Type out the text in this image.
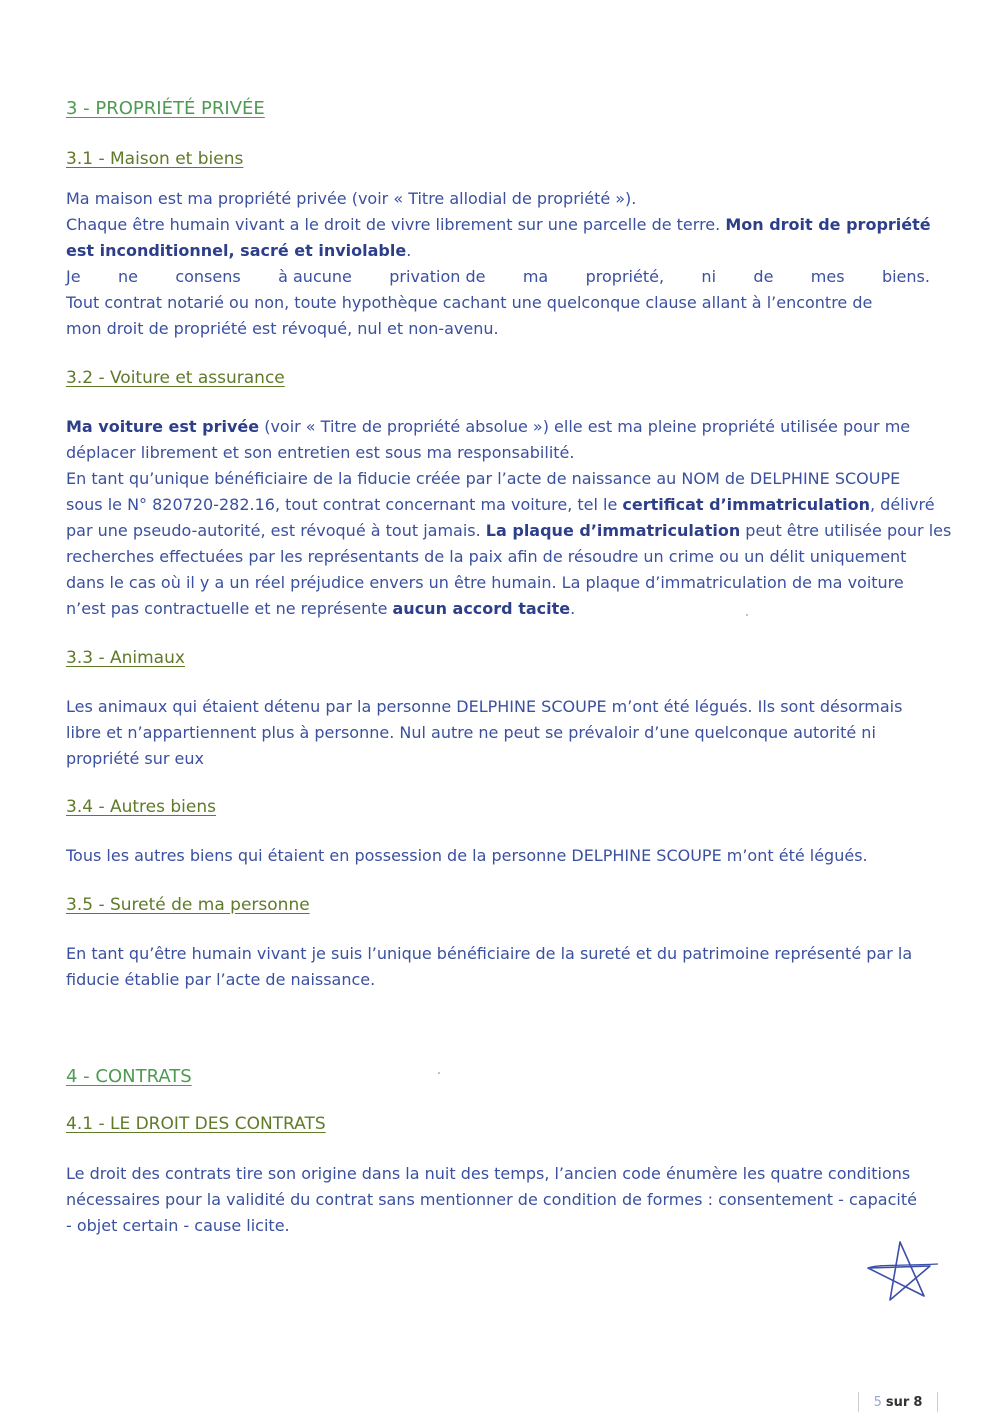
3 - PROPRIÉTÉ PRIVÉE
3.1 - Maison et biens
Ma maison est ma propriété privée (voir « Titre allodial de propriété »).
Chaque être humain vivant a le droit de vivre librement sur une parcelle de terre. Mon droit de propriété
est inconditionnel, sacré et inviolable.
Je ne consens à aucune privation de ma propriété, ni de mes biens.
Tout contrat notarié ou non, toute hypothèque cachant une quelconque clause allant à l’encontre de
mon droit de propriété est révoqué, nul et non-avenu.
3.2 - Voiture et assurance
Ma voiture est privée (voir « Titre de propriété absolue ») elle est ma pleine propriété utilisée pour me
déplacer librement et son entretien est sous ma responsabilité.
En tant qu’unique bénéficiaire de la fiducie créée par l’acte de naissance au NOM de DELPHINE SCOUPE
sous le N° 820720-282.16, tout contrat concernant ma voiture, tel le certificat d’immatriculation, délivré
par une pseudo-autorité, est révoqué à tout jamais. La plaque d’immatriculation peut être utilisée pour les
recherches effectuées par les représentants de la paix afin de résoudre un crime ou un délit uniquement
dans le cas où il y a un réel préjudice envers un être humain. La plaque d’immatriculation de ma voiture
n’est pas contractuelle et ne représente aucun accord tacite.
3.3 - Animaux
Les animaux qui étaient détenu par la personne DELPHINE SCOUPE m’ont été légués. Ils sont désormais
libre et n’appartiennent plus à personne. Nul autre ne peut se prévaloir d’une quelconque autorité ni
propriété sur eux
3.4 - Autres biens
Tous les autres biens qui étaient en possession de la personne DELPHINE SCOUPE m’ont été légués.
3.5 - Sureté de ma personne
En tant qu’être humain vivant je suis l’unique bénéficiaire de la sureté et du patrimoine représenté par la
fiducie établie par l’acte de naissance.
4 - CONTRATS
4.1 - LE DROIT DES CONTRATS
Le droit des contrats tire son origine dans la nuit des temps, l’ancien code énumère les quatre conditions
nécessaires pour la validité du contrat sans mentionner de condition de formes : consentement - capacité
- objet certain - cause licite.
5 sur 8
